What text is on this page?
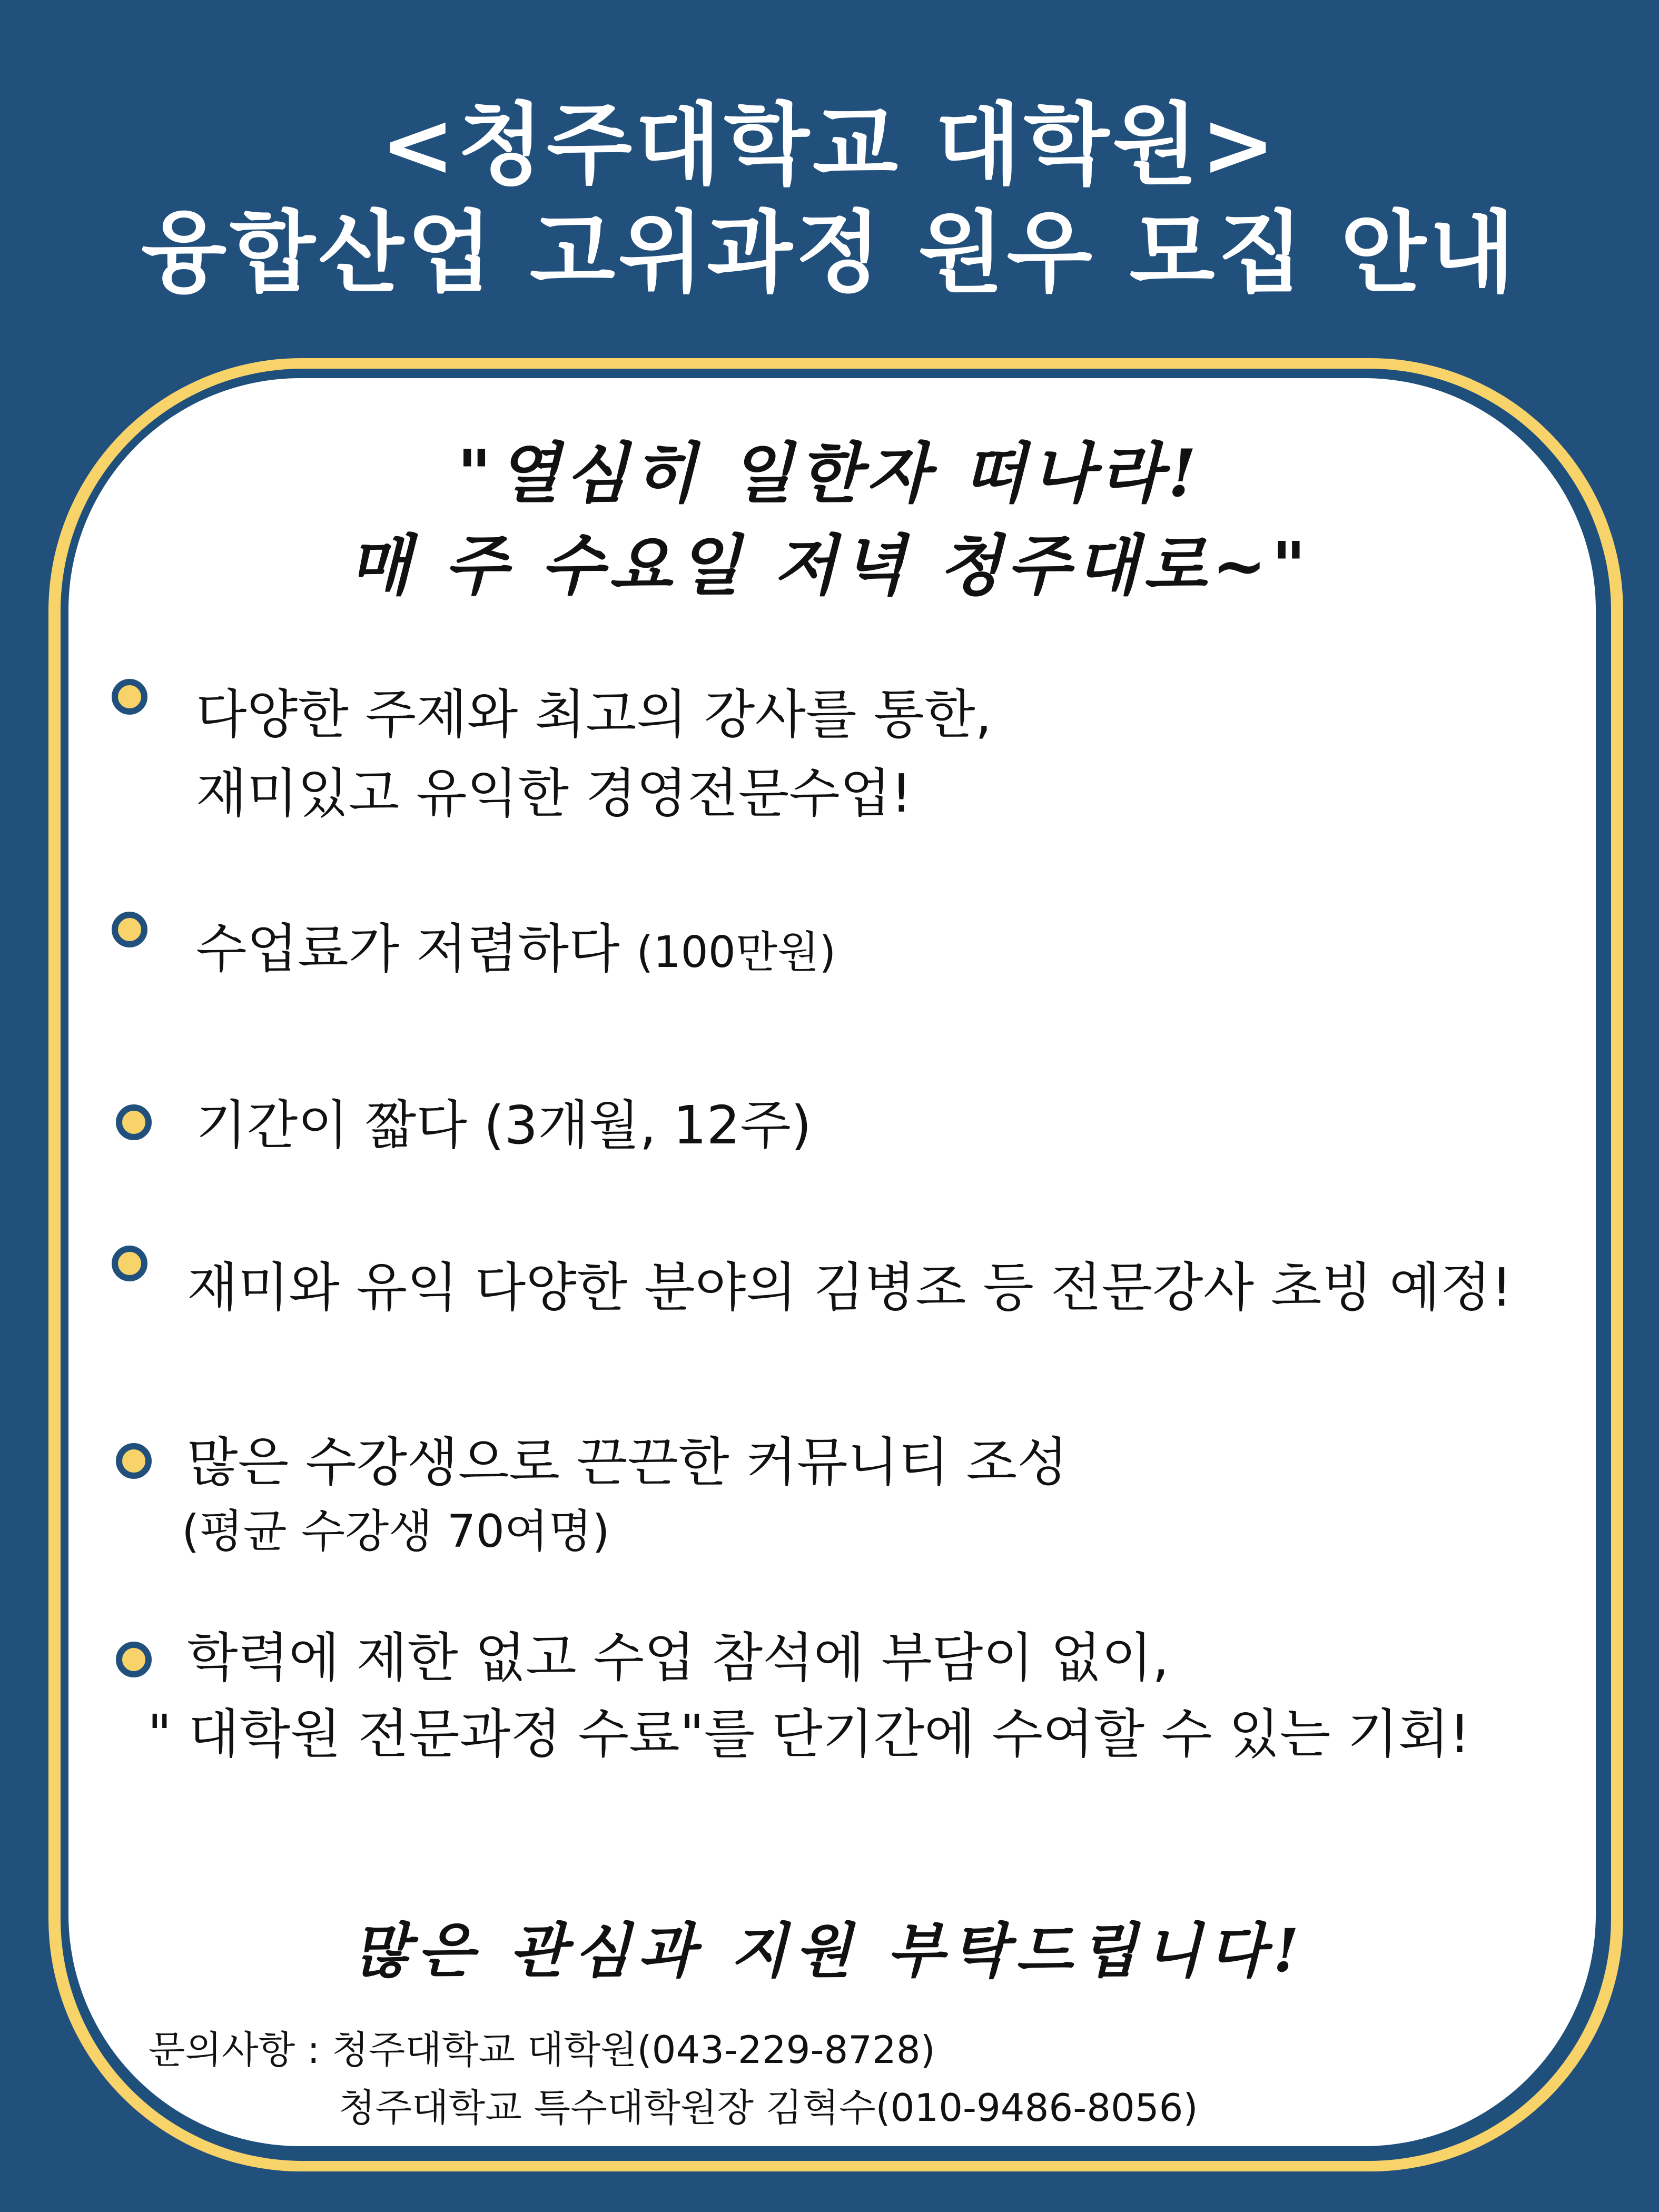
<청주대학교 대학원>
융합산업 고위과정 원우 모집 안내
"열심히 일한자 떠나라!
매 주 수요일 저녁 청주대로~"
다양한 주제와 최고의 강사를 통한,
재미있고 유익한 경영전문수업!
수업료가 저렴하다 (100만원)
기간이 짧다 (3개월, 12주)
재미와 유익 다양한 분야의 김병조 등 전문강사 초빙 예정!
많은 수강생으로 끈끈한 커뮤니티 조성
(평균 수강생 70여명)
학력에 제한 없고 수업 참석에 부담이 없이,
" 대학원 전문과정 수료"를 단기간에 수여할 수 있는 기회!
많은 관심과 지원 부탁드립니다!
문의사항 : 청주대학교 대학원(043-229-8728)
청주대학교 특수대학원장 김혁수(010-9486-8056)
